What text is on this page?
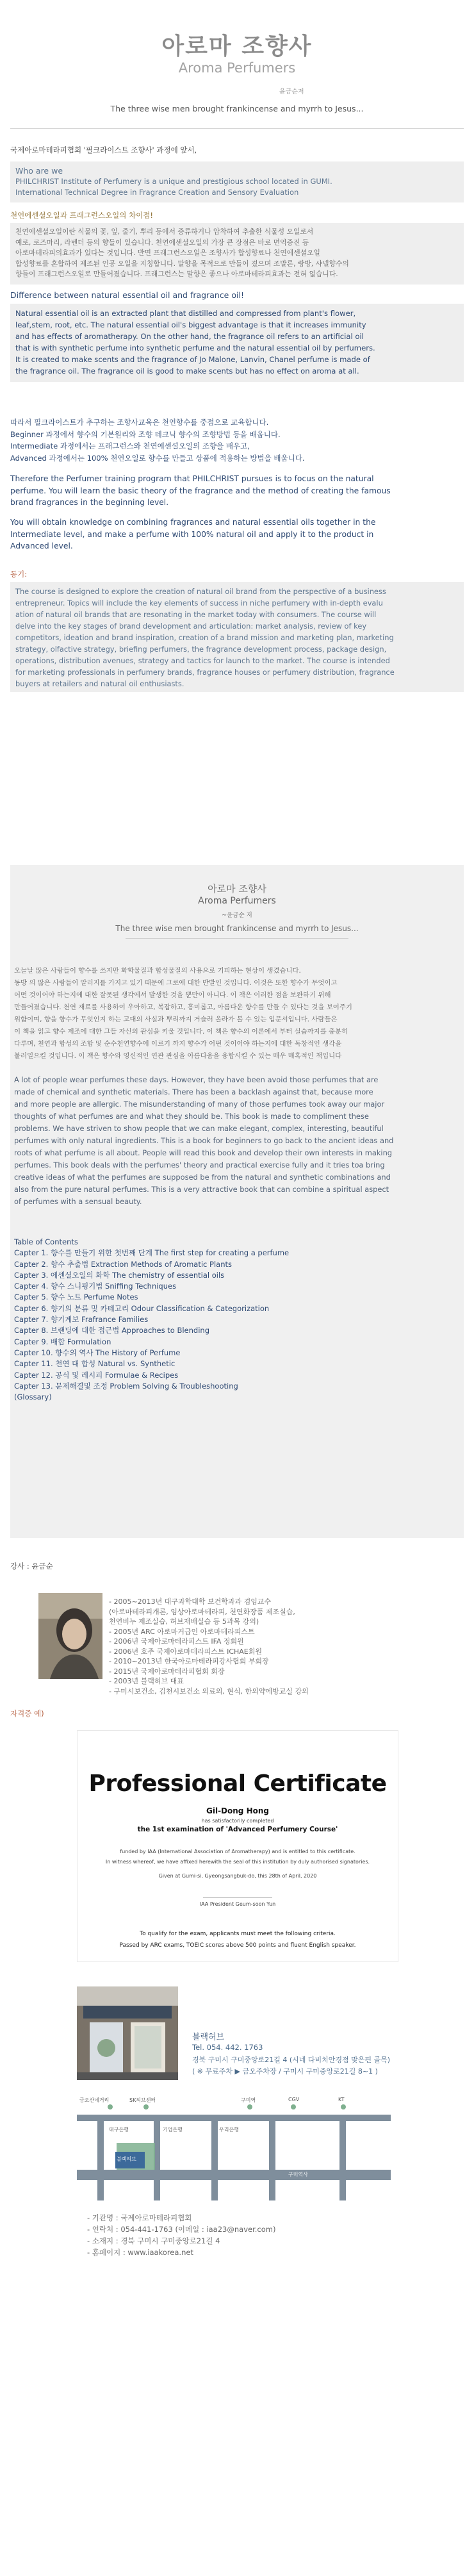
아로마 조향사
Aroma Perfumers
윤금순저
The three wise men brought frankincense and myrrh to Jesus...
국제아로마테라피협회 '필크라이스트 조향사' 과정에 앞서,
Who are we
PHILCHRIST Institute of Perfumery is a unique and prestigious school located in GUMI.
International Technical Degree in Fragrance Creation and Sensory Evaluation
천연에센셜오일과 프래그런스오일의 차이점!
천연에센셜오일이란 식물의 꽃, 잎, 줄기, 뿌리 등에서 증류하거나 압착하여 추출한 식물성 오일로서
예로, 로즈마리, 라벤더 등의 향들이 있습니다. 천연에센셜오일의 가장 큰 장점은 바로 면역증진 등
아로마테라피의효과가 있다는 것입니다. 반면 프래그런스오일은 조향사가 합성향료나 천연에센셜오일
합성향료를 혼합하여 제조된 인공 오일을 지칭합니다. 말향을 목적으로 만들어 졌으며 조말론, 랑방, 샤넬향수의
향들이 프래그런스오일로 만들어졌습니다. 프래그런스는 말향은 좋으나 아로마테라피효과는 전혀 없습니다.
Difference between natural essential oil and fragrance oil!
Natural essential oil is an extracted plant that distilled and compressed from plant's flower,
leaf,stem, root, etc. The natural essential oil's biggest advantage is that it increases immunity
and has effects of aromatherapy. On the other hand, the fragrance oil refers to an artificial oil
that is with synthetic perfume into synthetic perfume and the natural essential oil by perfumers.
It is created to make scents and the fragrance of Jo Malone, Lanvin, Chanel perfume is made of
the fragrance oil. The fragrance oil is good to make scents but has no effect on aroma at all.
따라서 필크라이스트가 추구하는 조향사교육은 천연향수를 중점으로 교육합니다.
Beginner 과정에서 향수의 기본원리와 조향 테크닉 향수의 조향방법 등을 배웁니다.
Intermediate 과정에서는 프래그런스와 천연에센셜오일의 조향을 배우고,
Advanced 과정에서는 100% 천연오일로 향수를 만들고 상품에 적용하는 방법을 배웁니다.
Therefore the Perfumer training program that PHILCHRIST pursues is to focus on the natural
perfume. You will learn the basic theory of the fragrance and the method of creating the famous
brand fragrances in the beginning level.
You will obtain knowledge on combining fragrances and natural essential oils together in the
Intermediate level, and make a perfume with 100% natural oil and apply it to the product in
Advanced level.
동기:
The course is designed to explore the creation of natural oil brand from the perspective of a business
entrepreneur. Topics will include the key elements of success in niche perfumery with in-depth evalu
ation of natural oil brands that are resonating in the market today with consumers. The course will
delve into the key stages of brand development and articulation: market analysis, review of key
competitors, ideation and brand inspiration, creation of a brand mission and marketing plan, marketing
strategy, olfactive strategy, briefing perfumers, the fragrance development process, package design,
operations, distribution avenues, strategy and tactics for launch to the market. The course is intended
for marketing professionals in perfumery brands, fragrance houses or perfumery distribution, fragrance
buyers at retailers and natural oil enthusiasts.
아로마 조향사
Aroma Perfumers
~윤금순 저
The three wise men brought frankincense and myrrh to Jesus...
오늘날 많은 사람들이 향수를 쓰지만 화학물질과 합성물질의 사용으로 기피하는 현상이 생겼습니다.
동방 의 많은 사람들이 알러지를 가지고 있기 때문에 그로에 대한 반발인 것입니다. 이것은 또한 향수가 무엇이고
어떤 것이어야 하는지에 대한 잘못된 생각에서 발생한 것을 뿐만이 아니다. 이 책은 이러한 점을 보완하기 위해
만들어졌습니다. 천연 재료를 사용하여 우아하고, 복잡하고, 흥미롭고, 아름다운 향수를 만들 수 있다는 것을 보여주기
위함이며, 향을 향수가 무엇인지 하는 고대의 사실과 뿌리까지 거슬러 올라가 볼 수 있는 입문서입니다. 사람들은
이 책을 읽고 향수 제조에 대한 그들 자신의 관심을 키울 것입니다. 이 책은 향수의 이론에서 부터 실습까지를 충분히
다루며, 천연과 합성의 조합 및 순수천연향수에 이르기 까지 향수가 어떤 것이어야 하는지에 대한 독창적인 생각을
불러일으킬 것입니다. 이 책은 향수와 영신적인 연관 관심을 아름다움을 융합시킬 수 있는 매우 매혹적인 책입니다
A lot of people wear perfumes these days. However, they have been avoid those perfumes that are
made of chemical and synthetic materials. There has been a backlash against that, because more
and more people are allergic. The misunderstanding of many of those perfumes took away our major
thoughts of what perfumes are and what they should be. This book is made to compliment these
problems. We have striven to show people that we can make elegant, complex, interesting, beautiful
perfumes with only natural ingredients. This is a book for beginners to go back to the ancient ideas and
roots of what perfume is all about. People will read this book and develop their own interests in making
perfumes. This book deals with the perfumes' theory and practical exercise fully and it tries toa bring
creative ideas of what the perfumes are supposed be from the natural and synthetic combinations and
also from the pure natural perfumes. This is a very attractive book that can combine a spiritual aspect
of perfumes with a sensual beauty.

Table of Contents

Capter 1. 향수를 만들기 위한 첫번째 단계 The first step for creating a perfume

Capter 2. 향수 추출법 Extraction Methods of Aromatic Plants

Capter 3. 에센셜오일의 화학 The chemistry of essential oils

Capter 4. 향수 스니핑기법 Sniffing Techniques

Capter 5. 향수 노트 Perfume Notes

Capter 6. 향기의 분류 및 카테고리 Odour Classification & Categorization

Capter 7. 향기계보 Frafrance Families

Capter 8. 브랜딩에 대한 접근법 Approaches to Blending

Capter 9. 배합 Formulation

Capter 10. 향수의 역사 The History of Perfume

Capter 11. 천연 대 합성 Natural vs. Synthetic

Capter 12. 공식 및 레시피 Formulae & Recipes

Capter 13. 문제해결및 조정 Problem Solving & Troubleshooting

(Glossary)

강사 : 윤금순
- 2005~2013년 대구과학대학 보건학과과 겸임교수
(아로마테라피개론, 임상아로마테라피, 천연화장품 제조실습,
천연비누 제조실습, 허브재배실습 등 5과목 강의)
- 2005년 ARC 아로마거급인 아로마테라피스트
- 2006년 국제아로마테라피스트 IFA 정회원
- 2006년 호주 국제아로마테라피스트 ICHAE회원
- 2010~2013년 한국아로마테라피강사협회 부회장
- 2015년 국제아로마테라피협회 회장
- 2003년 블랙허브 대표
- 구미시보건소, 김천시보건소 의료의, 현식, 한의약에방교실 강의
자격증 예)
Professional Certificate
Gil-Dong Hong
has satisfactorily completed
the 1st examination of 'Advanced Perfumery Course'
funded by IAA (International Association of Aromatherapy) and is entitled to this certificate.
In witness whereof, we have affixed herewith the seal of this institution by duly authorised signatories.
Given at Gumi-si, Gyeongsangbuk-do, this 28th of April, 2020
IAA President Geum-soon Yun
To qualify for the exam, applicants must meet the following criteria.
Passed by ARC exams, TOEIC scores above 500 points and fluent English speaker.
블랙허브
Tel. 054. 442. 1763
경북 구미시 구미중앙로21길 4 (시네 다비치안경점 맞은편 골목)
( ※ 무료주차 ▶ 금오주차장 / 구미시 구미중앙로21길 8~1 )
금오산네거리	SK허브센터	구미역	CGV	KT
대구은행	기업은행	우리은행
블랙허브
구미역사
- 기관명 : 국제아로마테라피협회
- 연락처 : 054-441-1763 (이메일 : iaa23@naver.com)
- 소재지 : 경북 구미시 구미중앙로21길 4
- 홈페이지 : www.iaakorea.net
